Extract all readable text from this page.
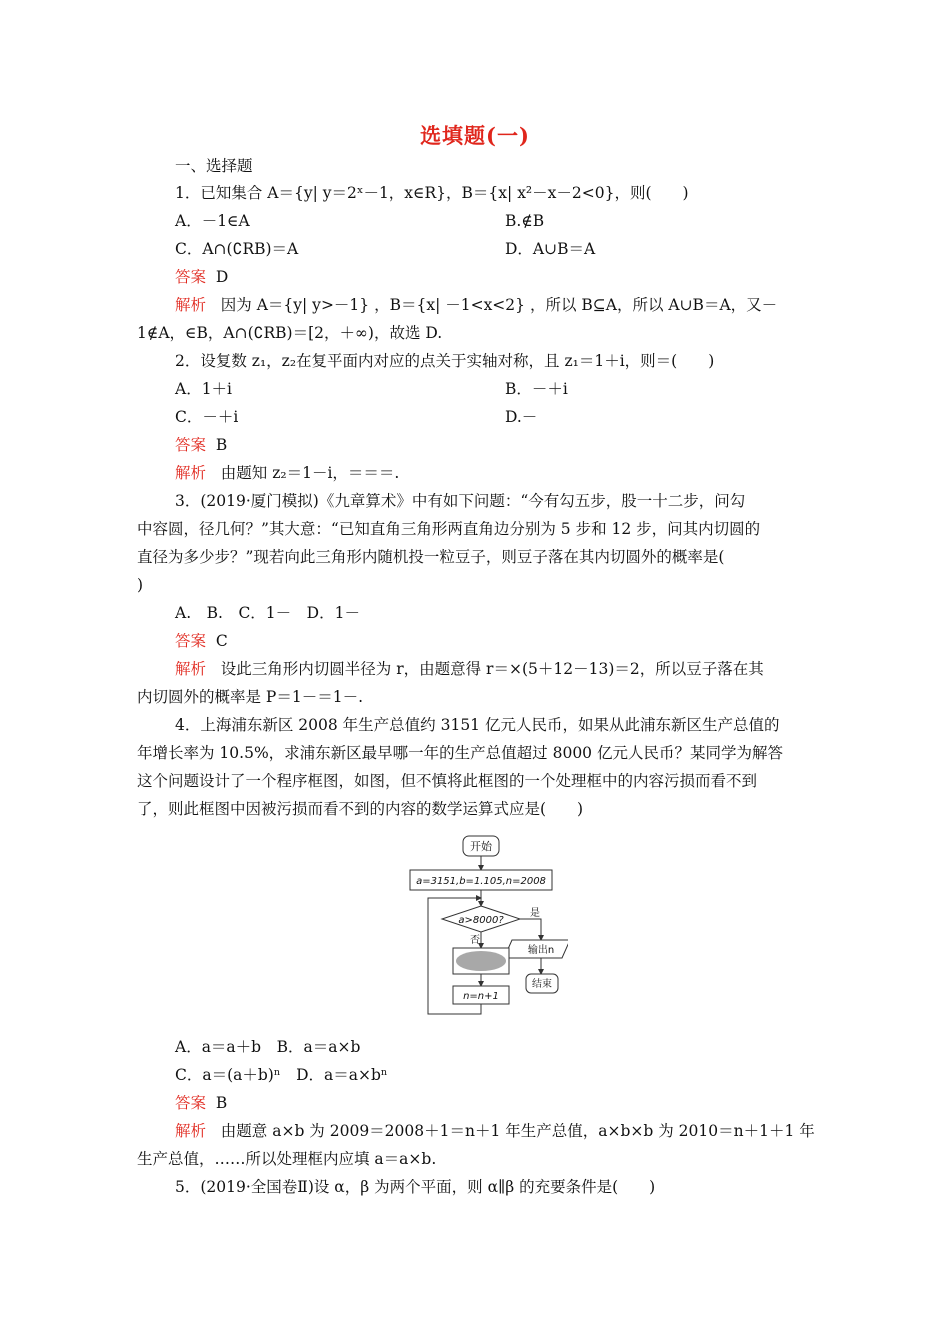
选填题(一)
一、选择题
1．已知集合 A＝{y| y＝2ˣ－1，x∈R}，B＝{x| x²－x－2<0}，则(　　)
A．－1∈A	B.∉B
C．A∩(∁RB)＝A	D．A∪B＝A
答案 D
解析 因为 A＝{y| y>－1} ，B＝{x| －1<x<2} ，所以 B⊆A，所以 A∪B＝A，又－
1∉A，∈B，A∩(∁RB)＝[2，＋∞)，故选 D.
2．设复数 z₁，z₂在复平面内对应的点关于实轴对称，且 z₁＝1＋i，则＝(　　)
A．1＋i	B．－＋i
C．－＋i	D.－
答案 B
解析 由题知 z₂＝1－i，＝＝＝.
3．(2019·厦门模拟)《九章算术》中有如下问题：“今有勾五步，股一十二步，问勾
中容圆，径几何？”其大意：“已知直角三角形两直角边分别为 5 步和 12 步，问其内切圆的
直径为多少步？”现若向此三角形内随机投一粒豆子，则豆子落在其内切圆外的概率是(
)
A.　B.　C．1－　D．1－
答案 C
解析 设此三角形内切圆半径为 r，由题意得 r＝×(5＋12－13)＝2，所以豆子落在其
内切圆外的概率是 P＝1－＝1－.
4．上海浦东新区 2008 年生产总值约 3151 亿元人民币，如果从此浦东新区生产总值的
年增长率为 10.5%，求浦东新区最早哪一年的生产总值超过 8000 亿元人民币？某同学为解答
这个问题设计了一个程序框图，如图，但不慎将此框图的一个处理框中的内容污损而看不到
了，则此框图中因被污损而看不到的内容的数学运算式应是(　　)
开始
a=3151,b=1.105,n=2008
a>8000?
是
输出n
结束
否
n=n+1
A．a＝a＋b　B．a＝a×b
C．a＝(a＋b)ⁿ　D．a＝a×bⁿ
答案 B
解析 由题意 a×b 为 2009＝2008＋1＝n＋1 年生产总值，a×b×b 为 2010＝n＋1＋1 年
生产总值，……所以处理框内应填 a＝a×b.
5．(2019·全国卷Ⅱ)设 α，β 为两个平面，则 α∥β 的充要条件是(　　)
